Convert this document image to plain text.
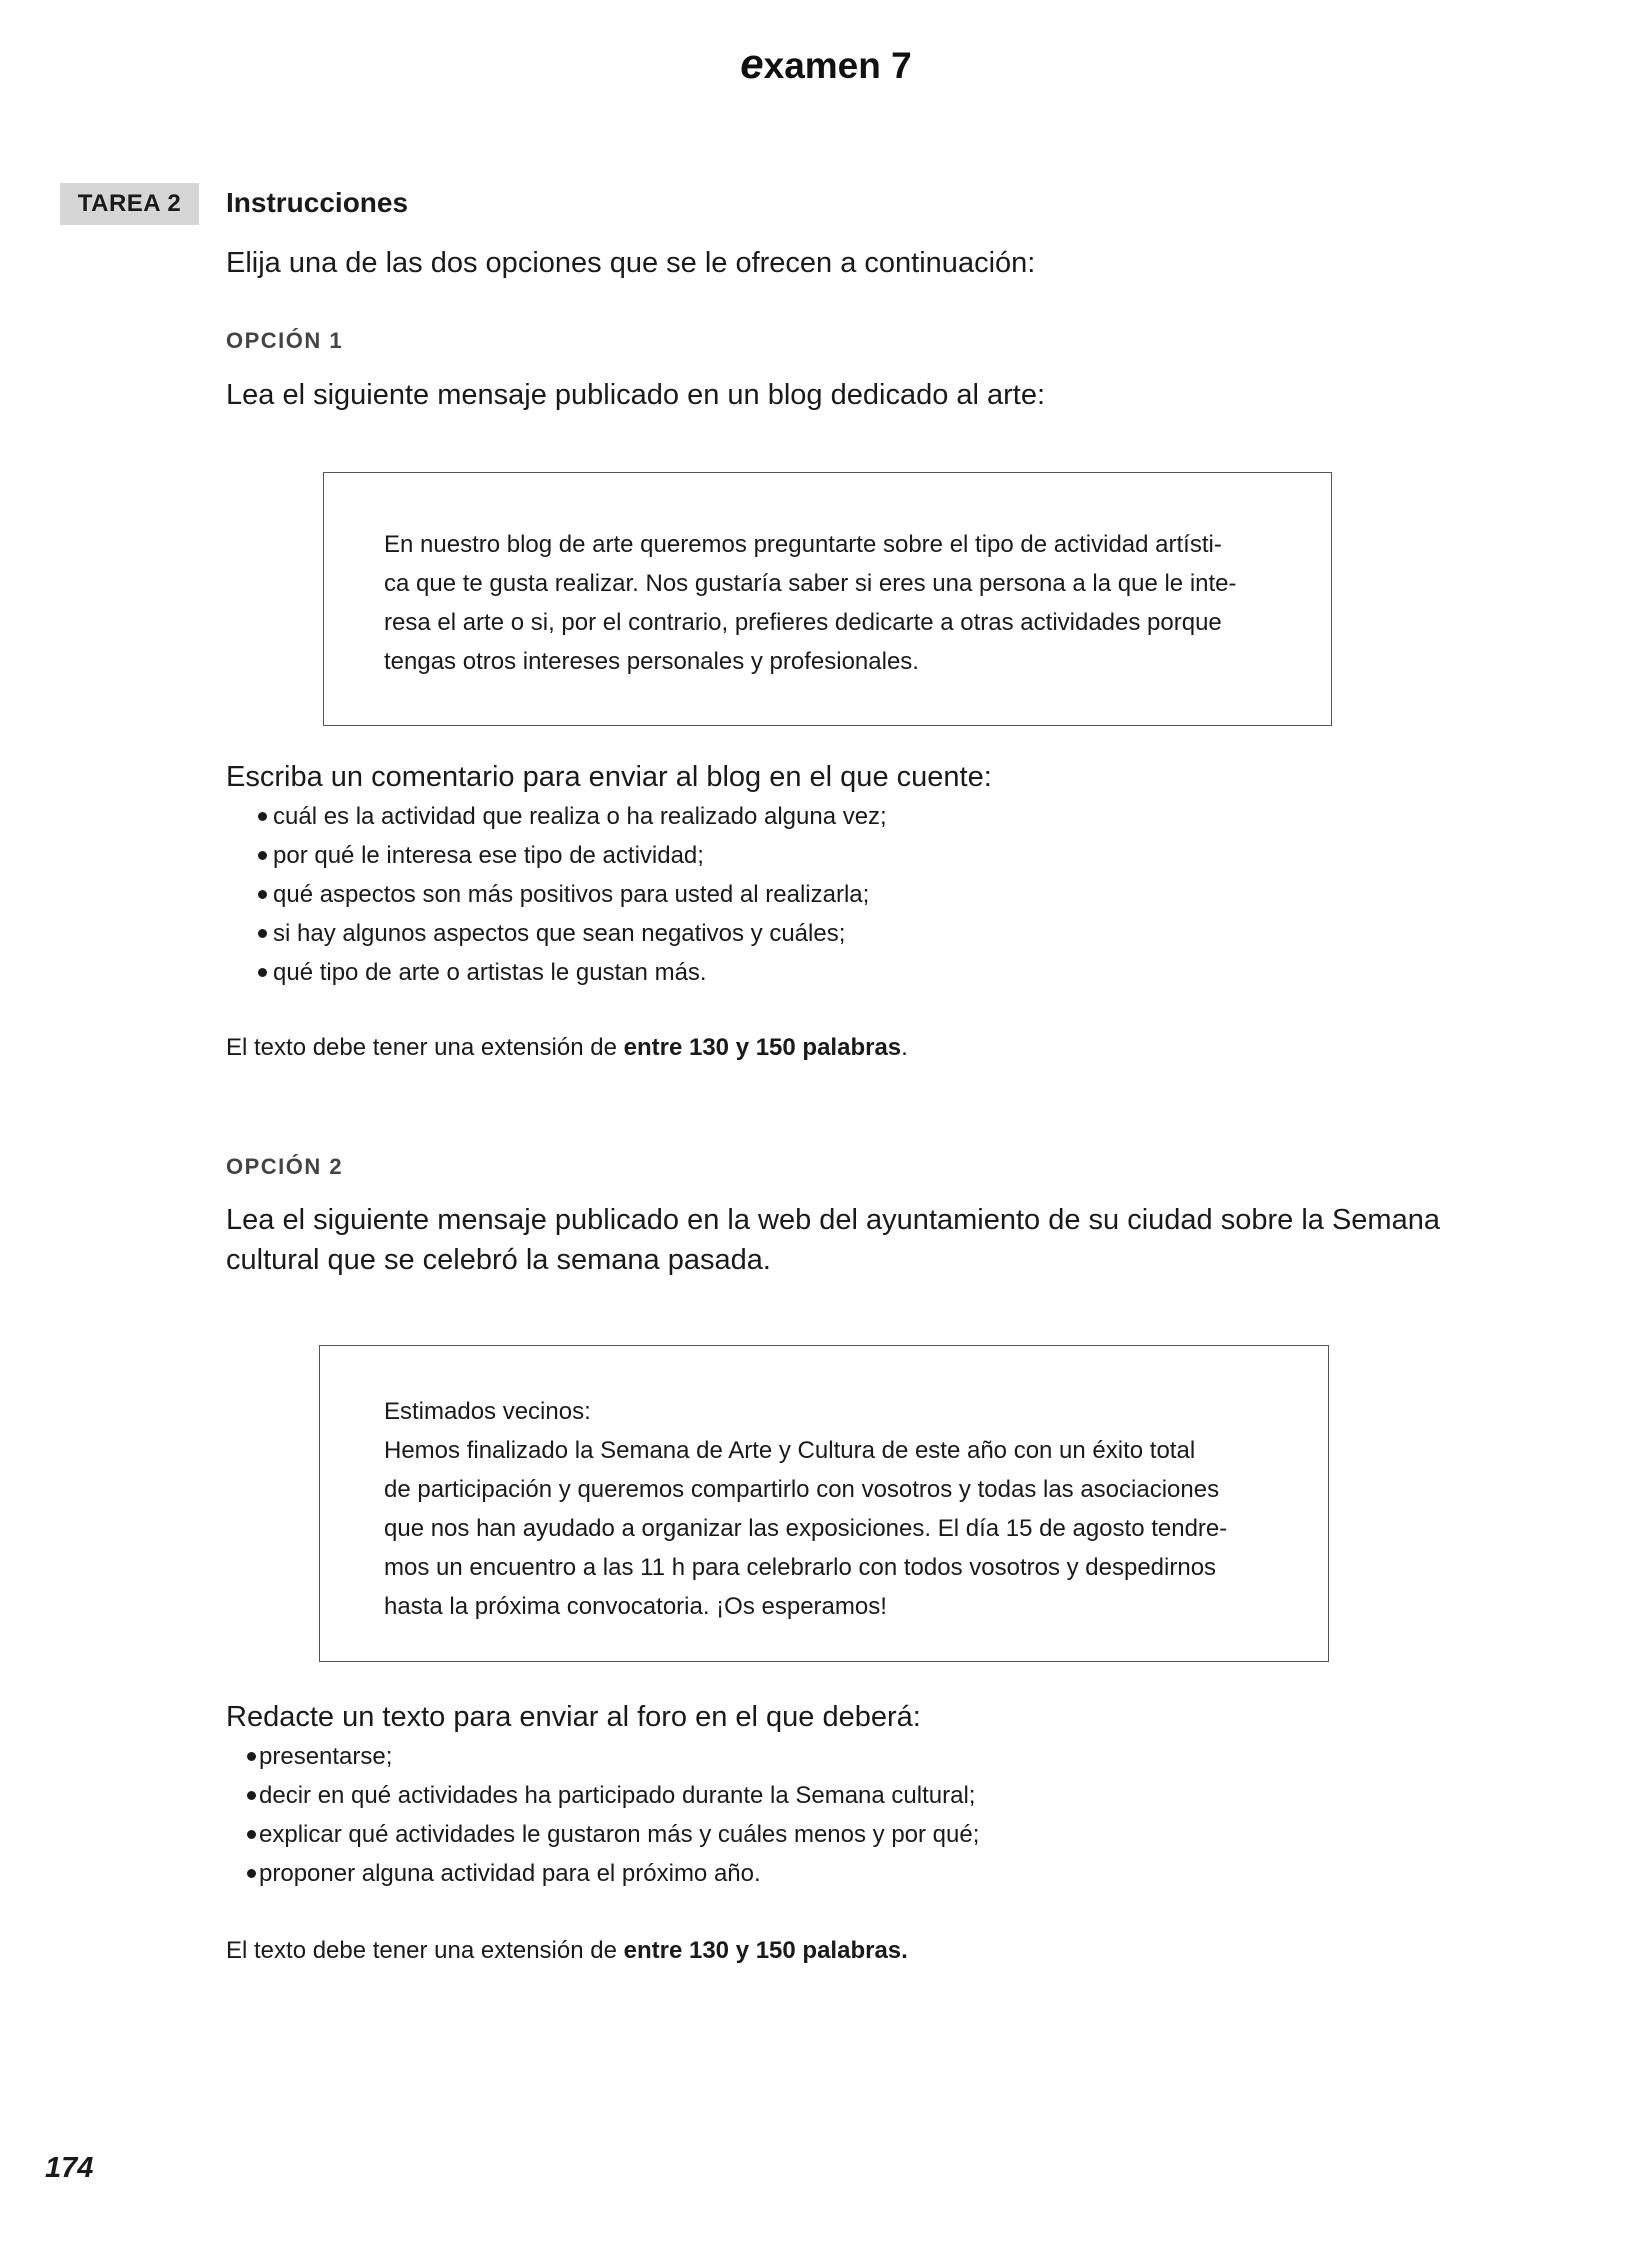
examen 7
TAREA 2	Instrucciones
Elija una de las dos opciones que se le ofrecen a continuación:
OPCIÓN 1
Lea el siguiente mensaje publicado en un blog dedicado al arte:
En nuestro blog de arte queremos preguntarte sobre el tipo de actividad artísti-
ca que te gusta realizar. Nos gustaría saber si eres una persona a la que le inte-
resa el arte o si, por el contrario, prefieres dedicarte a otras actividades porque
tengas otros intereses personales y profesionales.
Escriba un comentario para enviar al blog en el que cuente:
cuál es la actividad que realiza o ha realizado alguna vez;
por qué le interesa ese tipo de actividad;
qué aspectos son más positivos para usted al realizarla;
si hay algunos aspectos que sean negativos y cuáles;
qué tipo de arte o artistas le gustan más.
El texto debe tener una extensión de entre 130 y 150 palabras.
OPCIÓN 2
Lea el siguiente mensaje publicado en la web del ayuntamiento de su ciudad sobre la Semana
cultural que se celebró la semana pasada.
Estimados vecinos:
Hemos finalizado la Semana de Arte y Cultura de este año con un éxito total
de participación y queremos compartirlo con vosotros y todas las asociaciones
que nos han ayudado a organizar las exposiciones. El día 15 de agosto tendre-
mos un encuentro a las 11 h para celebrarlo con todos vosotros y despedirnos
hasta la próxima convocatoria. ¡Os esperamos!
Redacte un texto para enviar al foro en el que deberá:
presentarse;
decir en qué actividades ha participado durante la Semana cultural;
explicar qué actividades le gustaron más y cuáles menos y por qué;
proponer alguna actividad para el próximo año.
El texto debe tener una extensión de entre 130 y 150 palabras.
174
